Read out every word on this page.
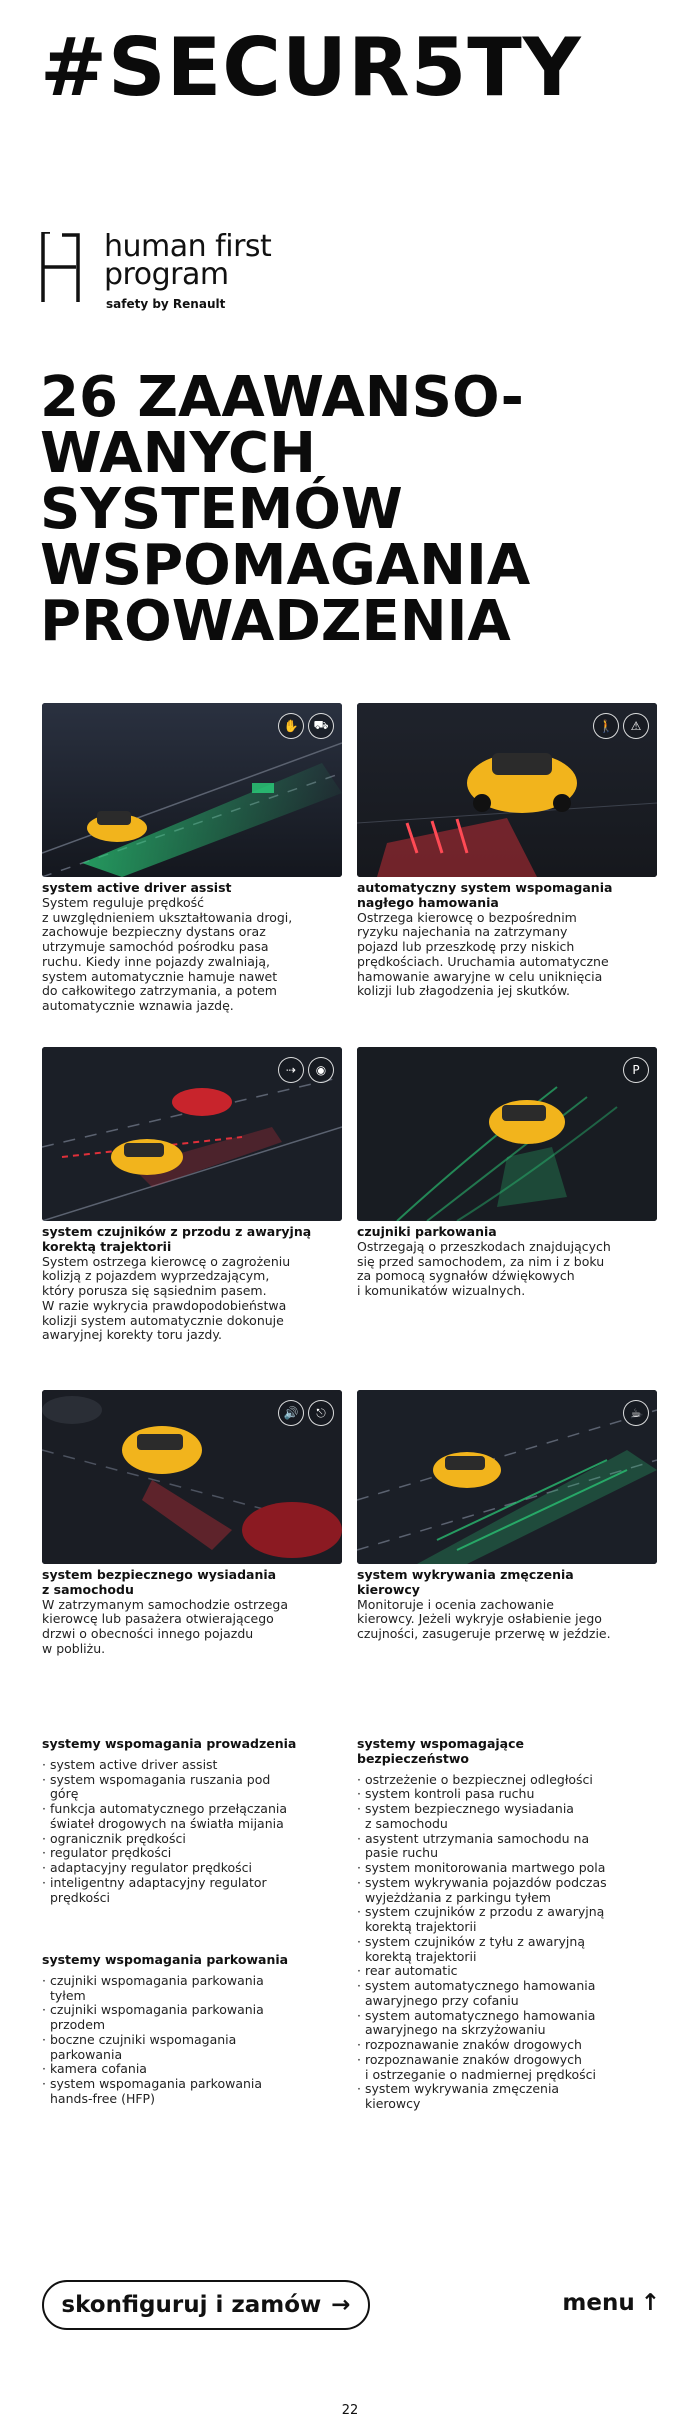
#SECUR5TY
human first
program
safety by Renault
26 ZAAWANSO-
WANYCH
SYSTEMÓW
WSPOMAGANIA
PROWADZENIA
✋	⛟
system active driver assist
System reguluje prędkość
z uwzględnieniem ukształtowania drogi,
zachowuje bezpieczny dystans oraz
utrzymuje samochód pośrodku pasa
ruchu. Kiedy inne pojazdy zwalniają,
system automatycznie hamuje nawet
do całkowitego zatrzymania, a potem
automatycznie wznawia jazdę.
🚶	⚠
automatyczny system wspomagania
nagłego hamowania
Ostrzega kierowcę o bezpośrednim
ryzyku najechania na zatrzymany
pojazd lub przeszkodę przy niskich
prędkościach. Uruchamia automatyczne
hamowanie awaryjne w celu uniknięcia
kolizji lub złagodzenia jej skutków.
⇢	◉
system czujników z przodu z awaryjną
korektą trajektorii
System ostrzega kierowcę o zagrożeniu
kolizją z pojazdem wyprzedzającym,
który porusza się sąsiednim pasem.
W razie wykrycia prawdopodobieństwa
kolizji system automatycznie dokonuje
awaryjnej korekty toru jazdy.
P
czujniki parkowania
Ostrzegają o przeszkodach znajdujących
się przed samochodem, za nim i z boku
za pomocą sygnałów dźwiękowych
i komunikatów wizualnych.
🔊	⎋
system bezpiecznego wysiadania
z samochodu
W zatrzymanym samochodzie ostrzega
kierowcę lub pasażera otwierającego
drzwi o obecności innego pojazdu
w pobliżu.
☕
system wykrywania zmęczenia
kierowcy
Monitoruje i ocenia zachowanie
kierowcy. Jeżeli wykryje osłabienie jego
czujności, zasugeruje przerwę w jeździe.
systemy wspomagania prowadzenia
· system active driver assist
· system wspomagania ruszania pod
górę
· funkcja automatycznego przełączania
świateł drogowych na światła mijania
· ogranicznik prędkości
· regulator prędkości
· adaptacyjny regulator prędkości
· inteligentny adaptacyjny regulator
prędkości
systemy wspomagania parkowania
· czujniki wspomagania parkowania
tyłem
· czujniki wspomagania parkowania
przodem
· boczne czujniki wspomagania
parkowania
· kamera cofania
· system wspomagania parkowania
hands-free (HFP)
systemy wspomagające
bezpieczeństwo
· ostrzeżenie o bezpiecznej odległości
· system kontroli pasa ruchu
· system bezpiecznego wysiadania
z samochodu
· asystent utrzymania samochodu na
pasie ruchu
· system monitorowania martwego pola
· system wykrywania pojazdów podczas
wyjeżdżania z parkingu tyłem
· system czujników z przodu z awaryjną
korektą trajektorii
· system czujników z tyłu z awaryjną
korektą trajektorii
· rear automatic
· system automatycznego hamowania
awaryjnego przy cofaniu
· system automatycznego hamowania
awaryjnego na skrzyżowaniu
· rozpoznawanie znaków drogowych
· rozpoznawanie znaków drogowych
i ostrzeganie o nadmiernej prędkości
· system wykrywania zmęczenia
kierowcy
skonfiguruj i zamów →	menu ↑
22
